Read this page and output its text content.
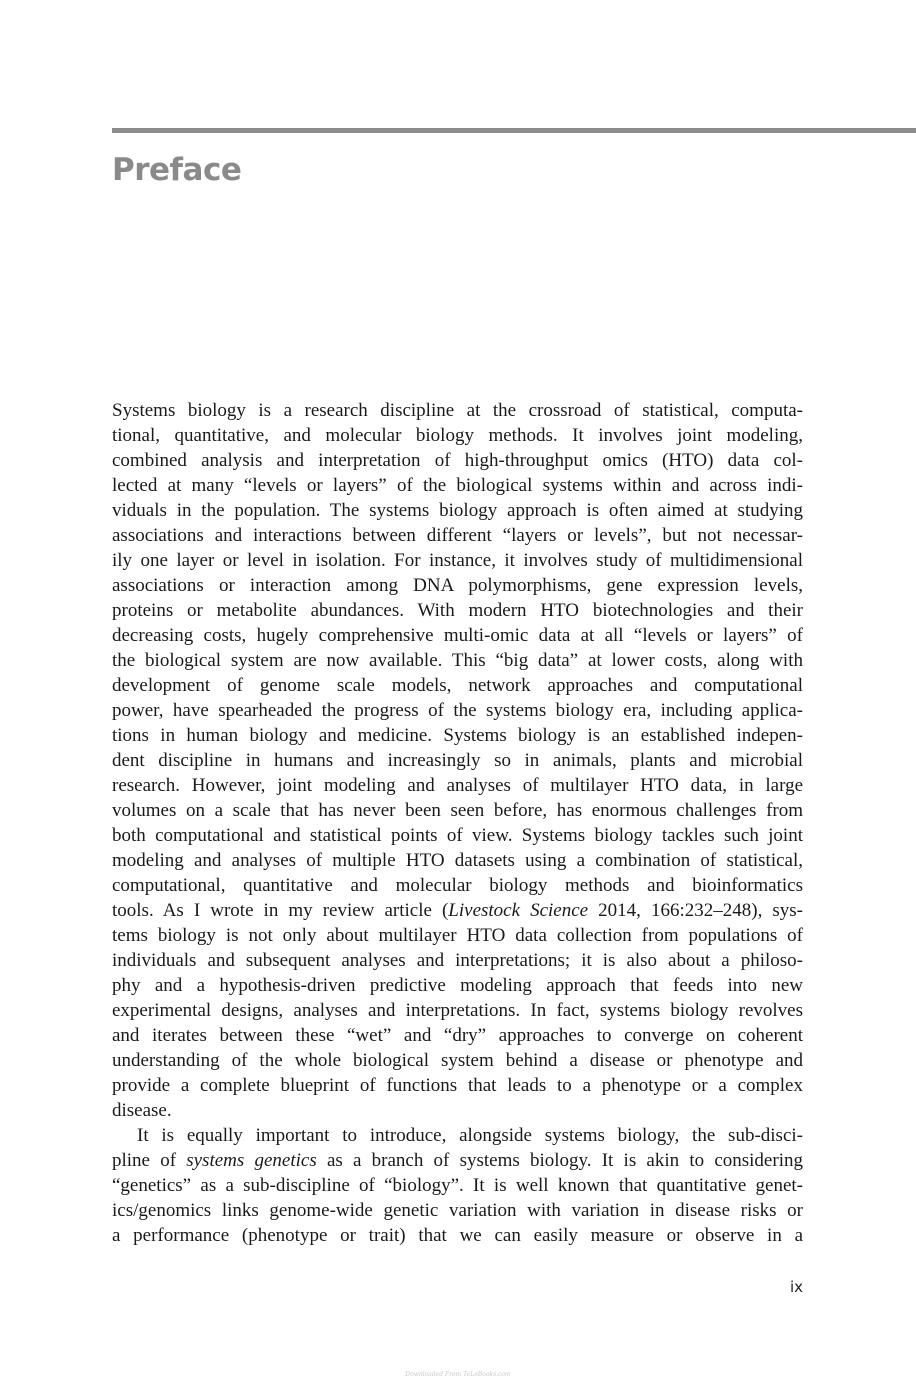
Preface
Systems biology is a research discipline at the crossroad of statistical, computa-
tional, quantitative, and molecular biology methods. It involves joint modeling,
combined analysis and interpretation of high-throughput omics (HTO) data col-
lected at many “levels or layers” of the biological systems within and across indi-
viduals in the population. The systems biology approach is often aimed at studying
associations and interactions between different “layers or levels”, but not necessar-
ily one layer or level in isolation. For instance, it involves study of multidimensional
associations or interaction among DNA polymorphisms, gene expression levels,
proteins or metabolite abundances. With modern HTO biotechnologies and their
decreasing costs, hugely comprehensive multi-omic data at all “levels or layers” of
the biological system are now available. This “big data” at lower costs, along with
development of genome scale models, network approaches and computational
power, have spearheaded the progress of the systems biology era, including applica-
tions in human biology and medicine. Systems biology is an established indepen-
dent discipline in humans and increasingly so in animals, plants and microbial
research. However, joint modeling and analyses of multilayer HTO data, in large
volumes on a scale that has never been seen before, has enormous challenges from
both computational and statistical points of view. Systems biology tackles such joint
modeling and analyses of multiple HTO datasets using a combination of statistical,
computational, quantitative and molecular biology methods and bioinformatics
tools. As I wrote in my review article (Livestock Science 2014, 166:232–248), sys-
tems biology is not only about multilayer HTO data collection from populations of
individuals and subsequent analyses and interpretations; it is also about a philoso-
phy and a hypothesis-driven predictive modeling approach that feeds into new
experimental designs, analyses and interpretations. In fact, systems biology revolves
and iterates between these “wet” and “dry” approaches to converge on coherent
understanding of the whole biological system behind a disease or phenotype and
provide a complete blueprint of functions that leads to a phenotype or a complex
disease.
It is equally important to introduce, alongside systems biology, the sub-disci-
pline of systems genetics as a branch of systems biology. It is akin to considering
“genetics” as a sub-discipline of “biology”. It is well known that quantitative genet-
ics/genomics links genome-wide genetic variation with variation in disease risks or
a performance (phenotype or trait) that we can easily measure or observe in a
ix
Downloaded From TeLeBooks.com
